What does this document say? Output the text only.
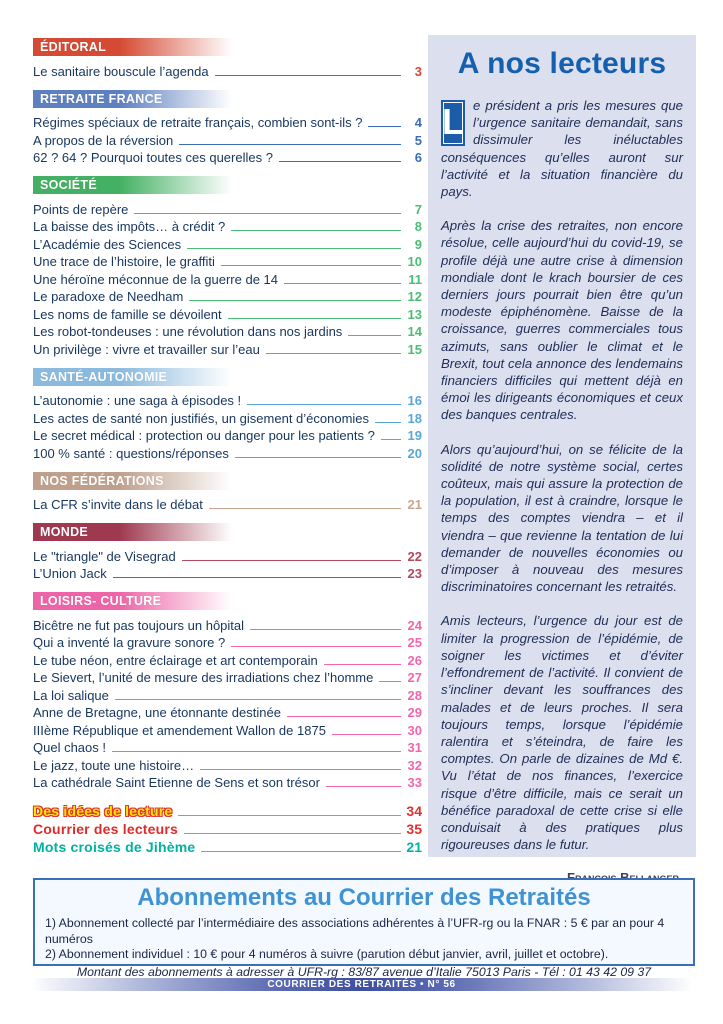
ÉDITORAL
Le sanitaire bouscule l’agenda	3
RETRAITE FRANCE
Régimes spéciaux de retraite français, combien sont-ils ?	4
A propos de la réversion	5
62 ? 64 ? Pourquoi toutes ces querelles ?	6
SOCIÉTÉ
Points de repère	7
La baisse des impôts… à crédit ?	8
L’Académie des Sciences	9
Une trace de l’histoire, le graffiti	10
Une héroïne méconnue de la guerre de 14	11
Le paradoxe de Needham	12
Les noms de famille se dévoilent	13
Les robot-tondeuses : une révolution dans nos jardins	14
Un privilège : vivre et travailler sur l’eau	15
SANTÉ-AUTONOMIE
L’autonomie : une saga à épisodes !	16
Les actes de santé non justifiés, un gisement d’économies	18
Le secret médical : protection ou danger pour les patients ?	19
100 % santé : questions/réponses	20
NOS FÉDÉRATIONS
La CFR s’invite dans le débat	21
MONDE
Le "triangle" de Visegrad	22
L’Union Jack	23
LOISIRS- CULTURE
Bicêtre ne fut pas toujours un hôpital	24
Qui a inventé la gravure sonore ?	25
Le tube néon, entre éclairage et art contemporain	26
Le Sievert, l’unité de mesure des irradiations chez l’homme	27
La loi salique	28
Anne de Bretagne, une étonnante destinée	29
IIIème République et amendement Wallon de 1875	30
Quel chaos !	31
Le jazz, toute une histoire…	32
La cathédrale Saint Etienne de Sens et son trésor	33
Des idées de lecture	34
Courrier des lecteurs	35
Mots croisés de Jihème	21
A nos lecteurs

L e président a pris les mesures que l’urgence sanitaire demandait, sans dissimuler les inéluctables conséquences qu’elles auront sur l’activité et la situation financière du pays.

Après la crise des retraites, non encore résolue, celle aujourd’hui du covid-19, se profile déjà une autre crise à dimension mondiale dont le krach boursier de ces derniers jours pourrait bien être qu’un modeste épiphénomène. Baisse de la croissance, guerres commerciales tous azimuts, sans oublier le climat et le Brexit, tout cela annonce des lendemains financiers difficiles qui mettent déjà en émoi les dirigeants économiques et ceux des banques centrales.

Alors qu’aujourd’hui, on se félicite de la solidité de notre système social, certes coûteux, mais qui assure la protection de la population, il est à craindre, lorsque le temps des comptes viendra – et il viendra – que revienne la tentation de lui demander de nouvelles économies ou d’imposer à nouveau des mesures discriminatoires concernant les retraités.

Amis lecteurs, l’urgence du jour est de limiter la progression de l’épidémie, de soigner les victimes et d’éviter l’effondrement de l’activité. Il convient de s’incliner devant les souffrances des malades et de leurs proches. Il sera toujours temps, lorsque l’épidémie ralentira et s’éteindra, de faire les comptes. On parle de dizaines de Md €. Vu l’état de nos finances, l’exercice risque d’être difficile, mais ce serait un bénéfice paradoxal de cette crise si elle conduisait à des pratiques plus rigoureuses dans le futur.

Abonnements au Courrier des Retraités
1) Abonnement collecté par l’intermédiaire des associations adhérentes à l’UFR-rg ou la FNAR : 5 € par an pour 4 numéros
2) Abonnement individuel : 10 € pour 4 numéros à suivre (parution début janvier, avril, juillet et octobre).
Montant des abonnements à adresser à UFR-rg : 83/87 avenue d’Italie 75013 Paris - Tél : 01 43 42 09 37
COURRIER DES RETRAITÉS • N° 56
